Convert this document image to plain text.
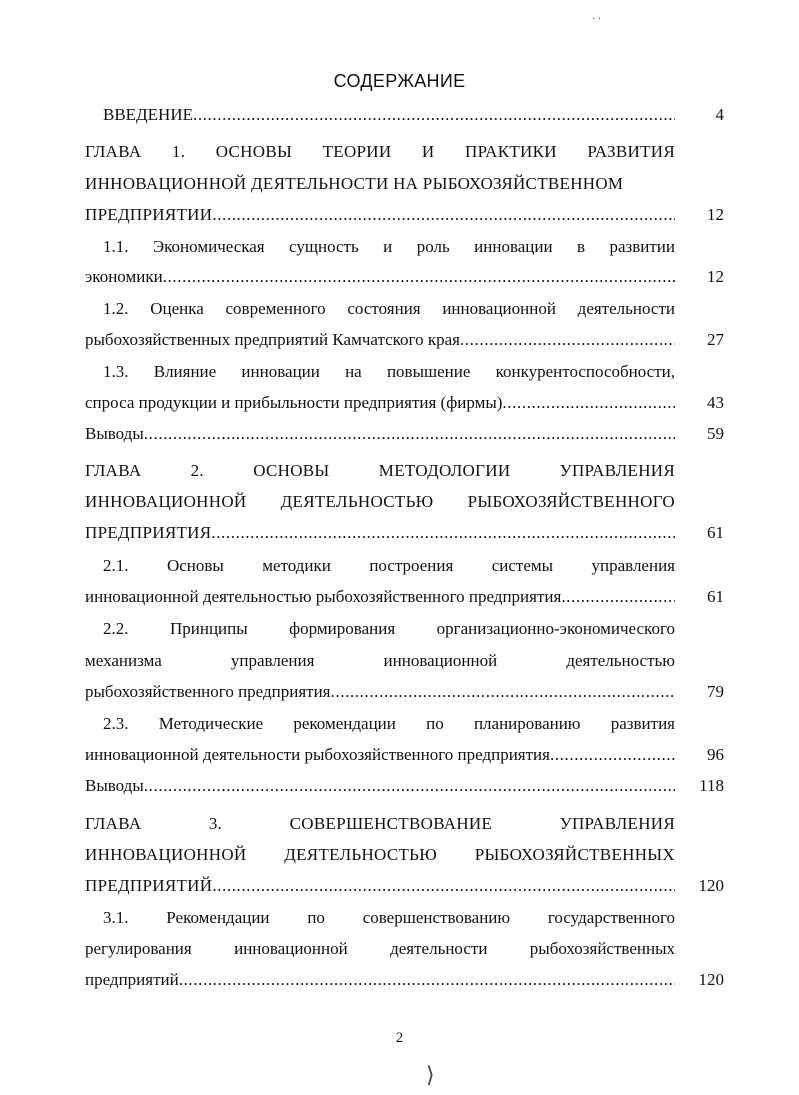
СОДЕРЖАНИЕ
ВВЕДЕНИЕ .....	4
ГЛАВА 1. ОСНОВЫ ТЕОРИИ И ПРАКТИКИ РАЗВИТИЯ
ИННОВАЦИОННОЙ ДЕЯТЕЛЬНОСТИ НА РЫБОХОЗЯЙСТВЕННОМ
ПРЕДПРИЯТИИ .....	12
1.1. Экономическая сущность и роль инновации в развитии
экономики .....	12
1.2. Оценка современного состояния инновационной деятельности
рыбохозяйственных предприятий Камчатского края .....	27
1.3. Влияние инновации на повышение конкурентоспособности,
спроса продукции и прибыльности предприятия (фирмы) .....	43
Выводы .....	59
ГЛАВА 2. ОСНОВЫ МЕТОДОЛОГИИ УПРАВЛЕНИЯ
ИННОВАЦИОННОЙ ДЕЯТЕЛЬНОСТЬЮ РЫБОХОЗЯЙСТВЕННОГО
ПРЕДПРИЯТИЯ .....	61
2.1. Основы методики построения системы управления
инновационной деятельностью рыбохозяйственного предприятия .....	61
2.2. Принципы формирования организационно-экономического
механизма управления инновационной деятельностью
рыбохозяйственного предприятия .....	79
2.3. Методические рекомендации по планированию развития
инновационной деятельности рыбохозяйственного предприятия .....	96
Выводы .....	118
ГЛАВА 3. СОВЕРШЕНСТВОВАНИЕ УПРАВЛЕНИЯ
ИННОВАЦИОННОЙ ДЕЯТЕЛЬНОСТЬЮ РЫБОХОЗЯЙСТВЕННЫХ
ПРЕДПРИЯТИЙ .....	120
3.1. Рекомендации по совершенствованию государственного
регулирования инновационной деятельности рыбохозяйственных
предприятий .....	120
2
· ·
⟩
